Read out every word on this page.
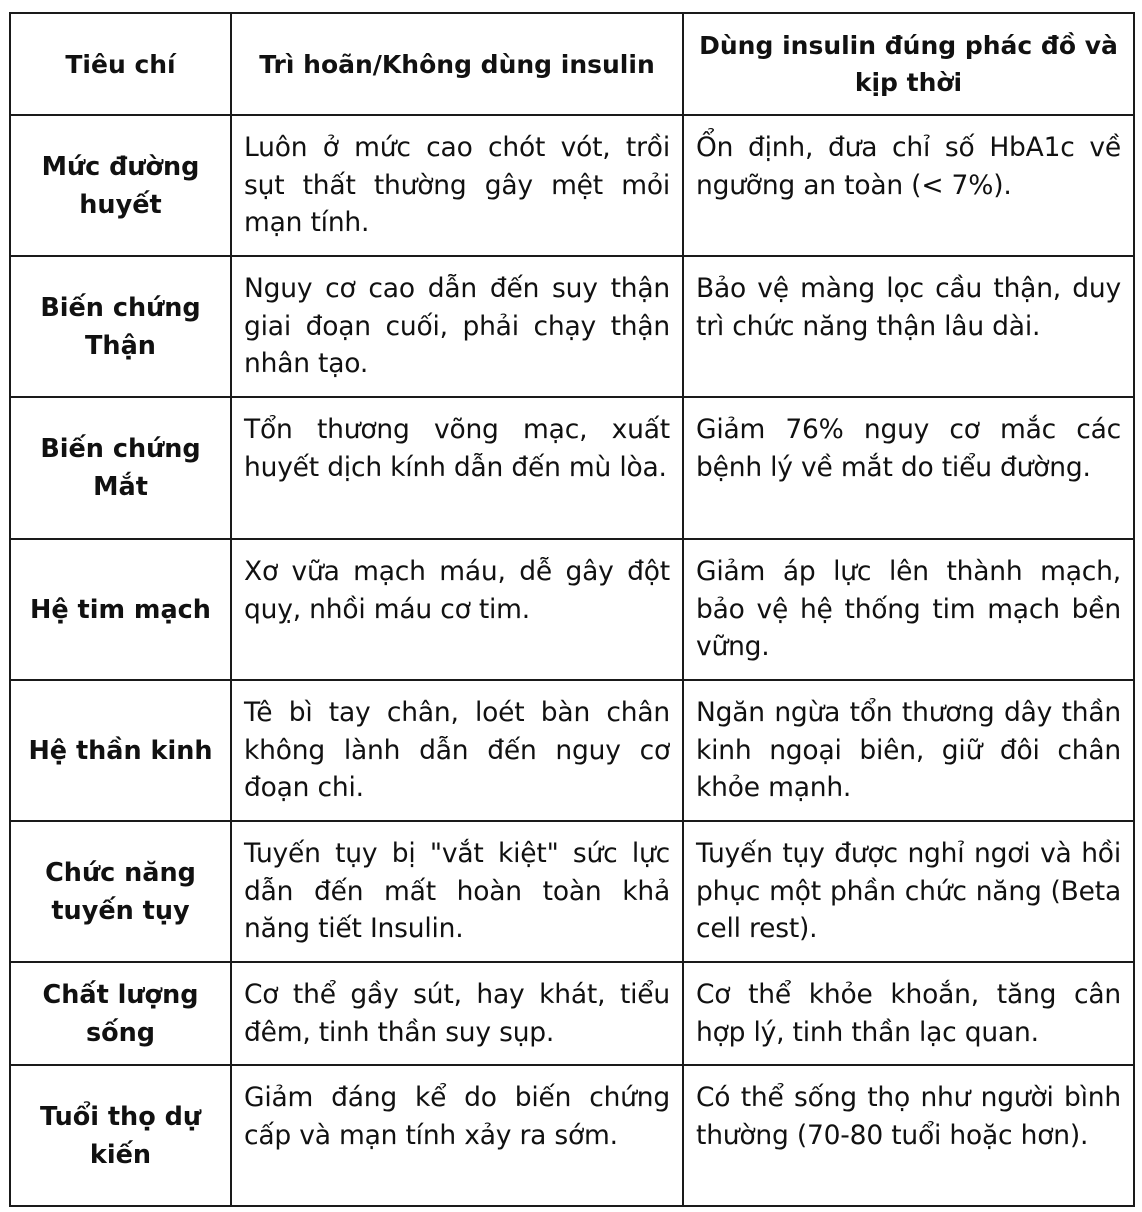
Tiêu chí	Trì hoãn/Không dùng insulin	Dùng insulin đúng phác đồ và kịp thời
Mức đường huyết	Luôn ở mức cao chót vót, trồi sụt thất thường gây mệt mỏi mạn tính.	Ổn định, đưa chỉ số HbA1c về ngưỡng an toàn (< 7%).
Biến chứng Thận	Nguy cơ cao dẫn đến suy thận giai đoạn cuối, phải chạy thận nhân tạo.	Bảo vệ màng lọc cầu thận, duy trì chức năng thận lâu dài.
Biến chứng Mắt	Tổn thương võng mạc, xuất huyết dịch kính dẫn đến mù lòa.	Giảm 76% nguy cơ mắc các bệnh lý về mắt do tiểu đường.
Hệ tim mạch	Xơ vữa mạch máu, dễ gây đột quỵ, nhồi máu cơ tim.	Giảm áp lực lên thành mạch, bảo vệ hệ thống tim mạch bền vững.
Hệ thần kinh	Tê bì tay chân, loét bàn chân không lành dẫn đến nguy cơ đoạn chi.	Ngăn ngừa tổn thương dây thần kinh ngoại biên, giữ đôi chân khỏe mạnh.
Chức năng tuyến tụy	Tuyến tụy bị "vắt kiệt" sức lực dẫn đến mất hoàn toàn khả năng tiết Insulin.	Tuyến tụy được nghỉ ngơi và hồi phục một phần chức năng (Beta cell rest).
Chất lượng sống	Cơ thể gầy sút, hay khát, tiểu đêm, tinh thần suy sụp.	Cơ thể khỏe khoắn, tăng cân hợp lý, tinh thần lạc quan.
Tuổi thọ dự kiến	Giảm đáng kể do biến chứng cấp và mạn tính xảy ra sớm.	Có thể sống thọ như người bình thường (70-80 tuổi hoặc hơn).
